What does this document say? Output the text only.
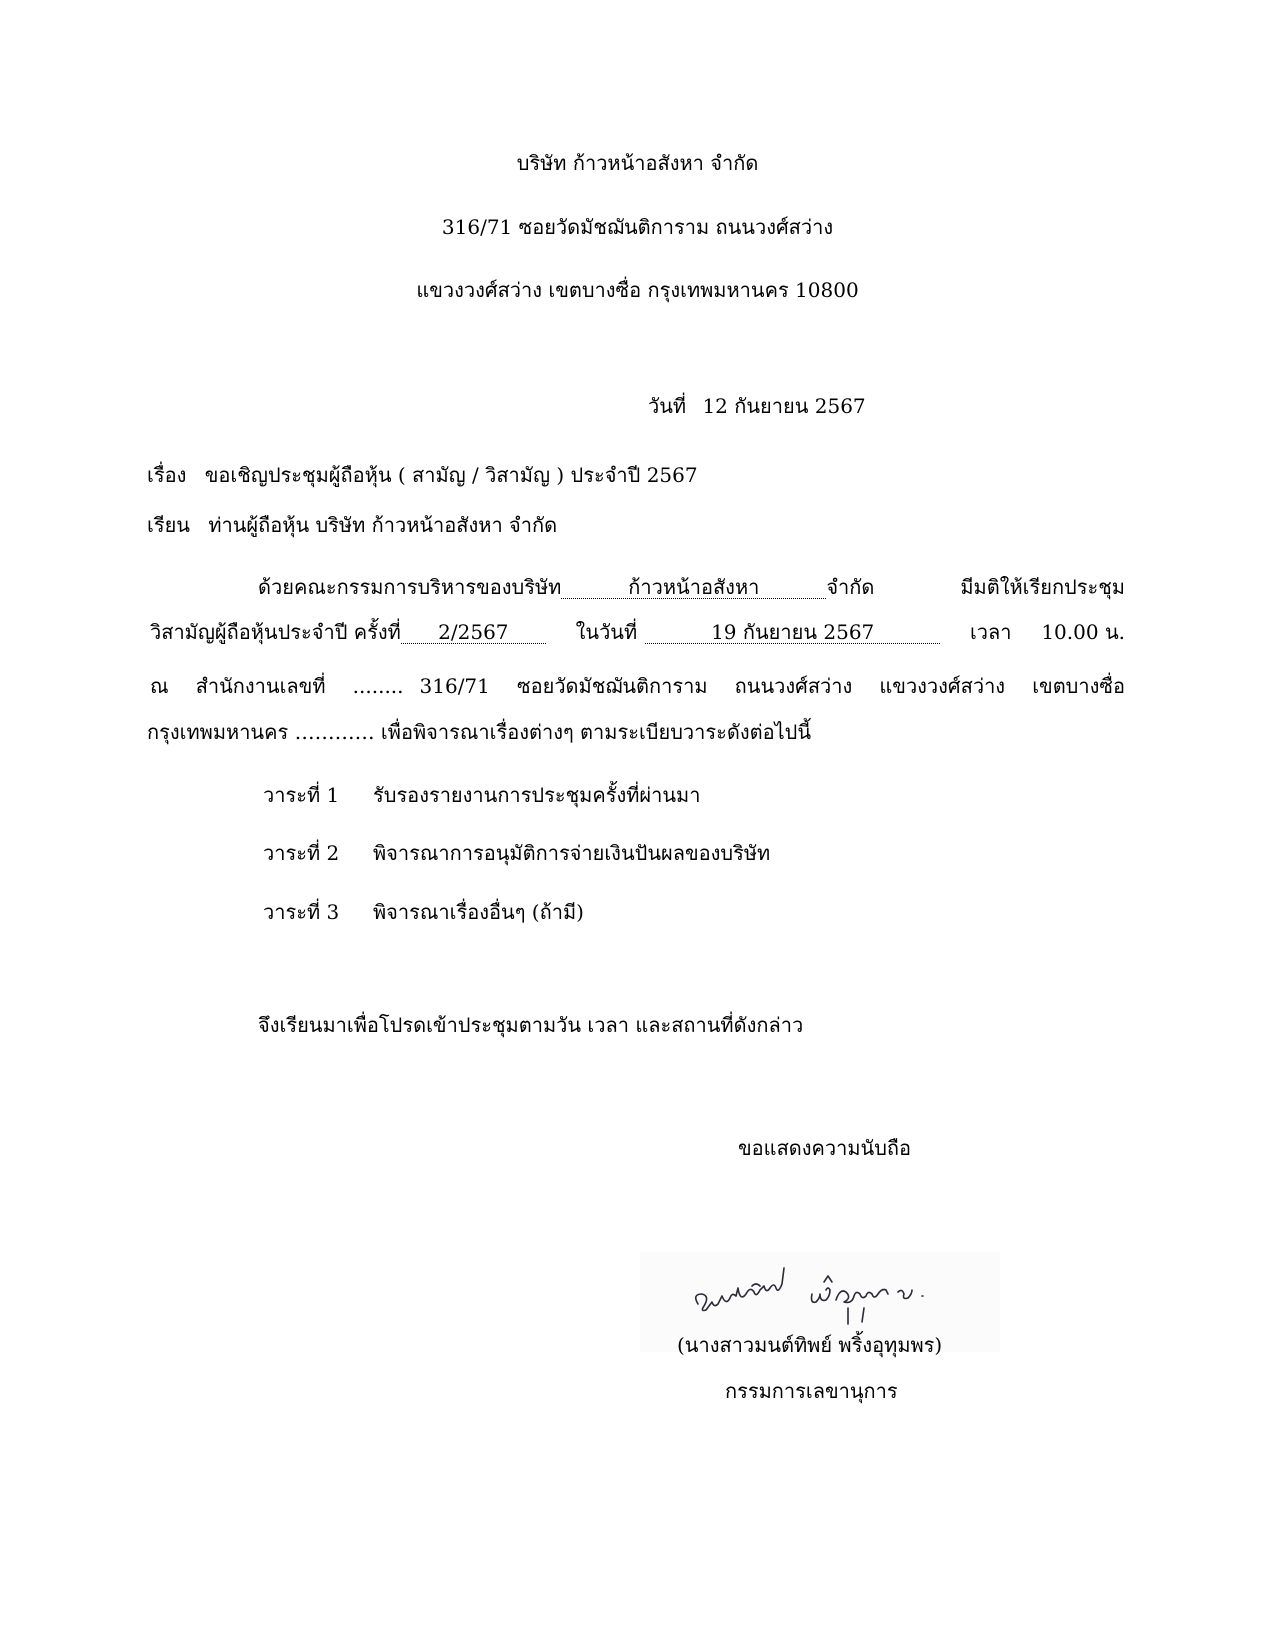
บริษัท ก้าวหน้าอสังหา จำกัด
316/71 ซอยวัดมัชฌันติการาม ถนนวงศ์สว่าง
แขวงวงศ์สว่าง เขตบางซื่อ กรุงเทพมหานคร 10800
วันที่ 12 กันยายน 2567
เรื่อง ขอเชิญประชุมผู้ถือหุ้น ( สามัญ / วิสามัญ ) ประจำปี 2567
เรียน ท่านผู้ถือหุ้น บริษัท ก้าวหน้าอสังหา จำกัด
ด้วยคณะกรรมการบริหารของบริษัท	ก้าวหน้าอสังหา	จำกัด	มีมติให้เรียกประชุม
วิสามัญผู้ถือหุ้นประจำปี ครั้งที่	2/2567	ในวันที่	19 กันยายน 2567	เวลา 10.00 น.
ณ สำนักงานเลขที่ ........ 316/71 ซอยวัดมัชฌันติการาม ถนนวงศ์สว่าง แขวงวงศ์สว่าง เขตบางซื่อ
กรุงเทพมหานคร ………… เพื่อพิจารณาเรื่องต่างๆ ตามระเบียบวาระดังต่อไปนี้
วาระที่ 1 รับรองรายงานการประชุมครั้งที่ผ่านมา
วาระที่ 2 พิจารณาการอนุมัติการจ่ายเงินปันผลของบริษัท
วาระที่ 3 พิจารณาเรื่องอื่นๆ (ถ้ามี)
จึงเรียนมาเพื่อโปรดเข้าประชุมตามวัน เวลา และสถานที่ดังกล่าว
ขอแสดงความนับถือ
(นางสาวมนต์ทิพย์ พริ้งอุทุมพร)
กรรมการเลขานุการ
